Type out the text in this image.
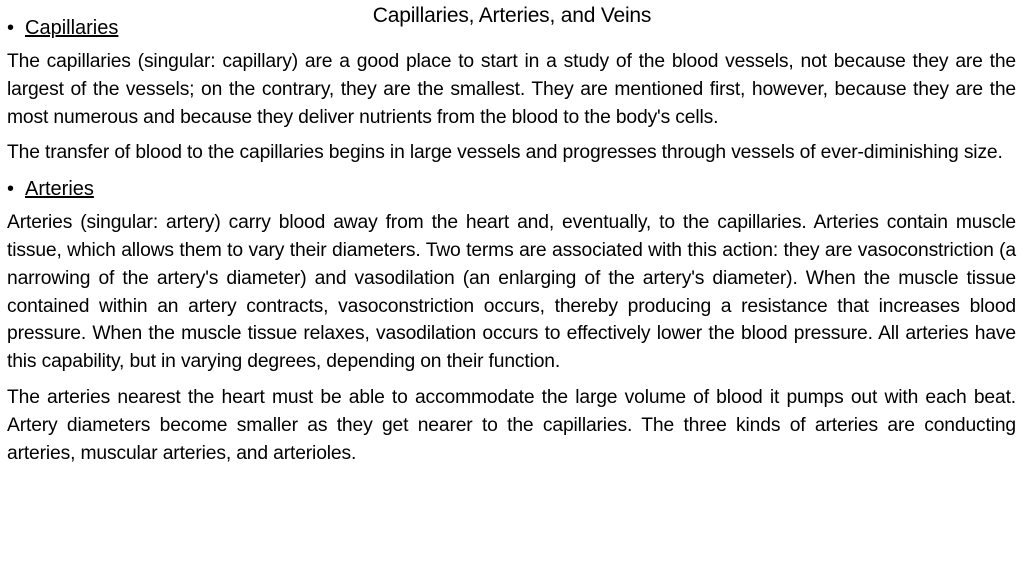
Capillaries, Arteries, and Veins

• Capillaries

The capillaries (singular: capillary) are a good place to start in a study of the blood vessels, not because they are the largest of the vessels; on the contrary, they are the smallest. They are mentioned first, however, because they are the most numerous and because they deliver nutrients from the blood to the body's cells.

The transfer of blood to the capillaries begins in large vessels and progresses through vessels of ever-diminishing size.

• Arteries

Arteries (singular: artery) carry blood away from the heart and, eventually, to the capillaries. Arteries contain muscle tissue, which allows them to vary their diameters. Two terms are associated with this action: they are vasoconstriction (a narrowing of the artery's diameter) and vasodilation (an enlarging of the artery's diameter). When the muscle tissue contained within an artery contracts, vasoconstriction occurs, thereby producing a resistance that increases blood pressure. When the muscle tissue relaxes, vasodilation occurs to effectively lower the blood pressure. All arteries have this capability, but in varying degrees, depending on their function.

The arteries nearest the heart must be able to accommodate the large volume of blood it pumps out with each beat. Artery diameters become smaller as they get nearer to the capillaries. The three kinds of arteries are conducting arteries, muscular arteries, and arterioles.
